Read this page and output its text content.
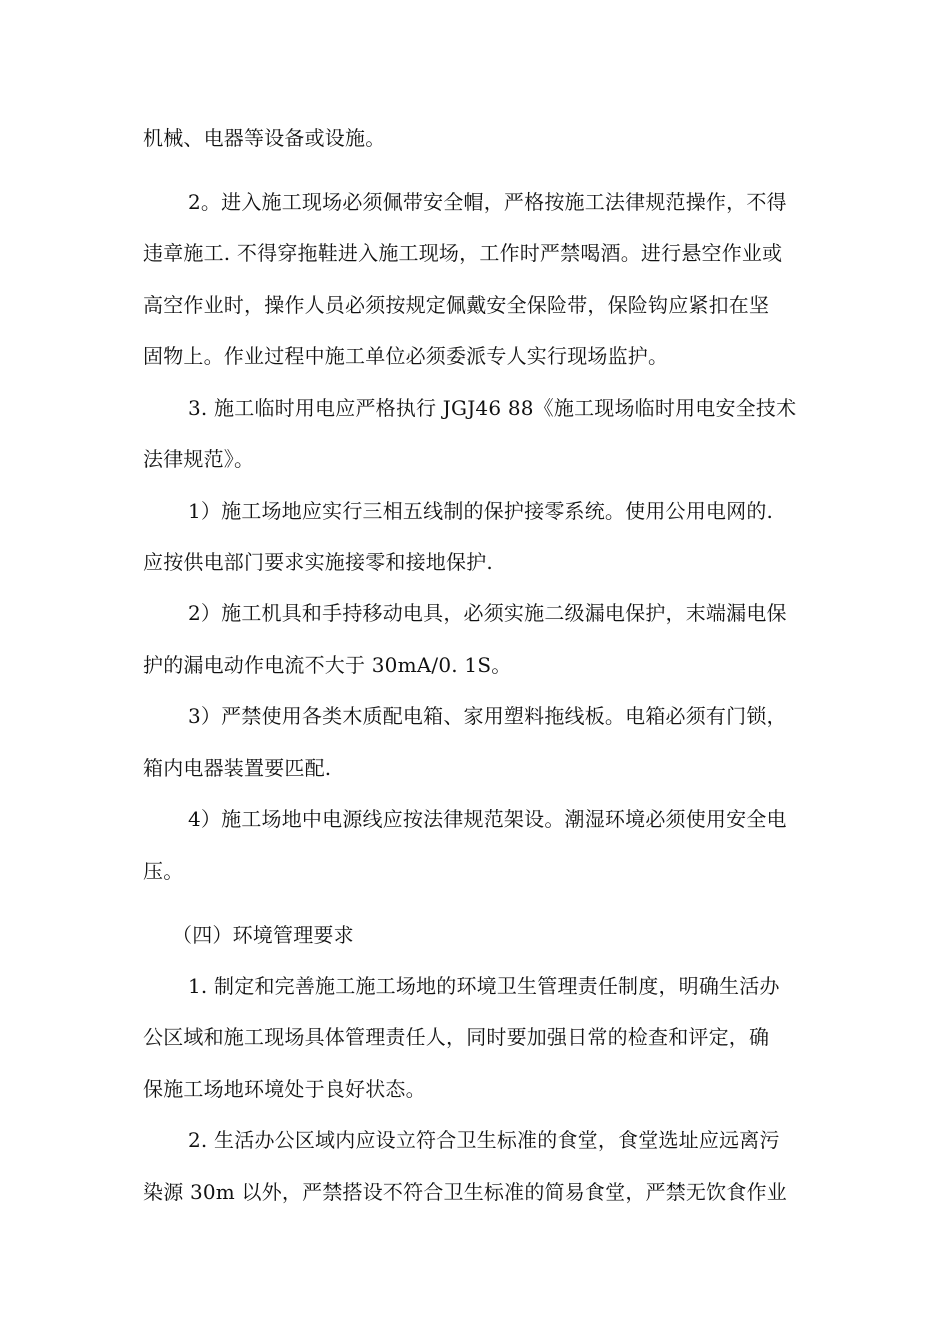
机械、电器等设备或设施。
2。进入施工现场必须佩带安全帽，严格按施工法律规范操作，不得
违章施工. 不得穿拖鞋进入施工现场，工作时严禁喝酒。进行悬空作业或
高空作业时，操作人员必须按规定佩戴安全保险带，保险钩应紧扣在坚
固物上。作业过程中施工单位必须委派专人实行现场监护。
3. 施工临时用电应严格执行 JGJ46 88《施工现场临时用电安全技术
法律规范》。
1）施工场地应实行三相五线制的保护接零系统。使用公用电网的.
应按供电部门要求实施接零和接地保护.
2）施工机具和手持移动电具，必须实施二级漏电保护，末端漏电保
护的漏电动作电流不大于 30mA/0. 1S。
3）严禁使用各类木质配电箱、家用塑料拖线板。电箱必须有门锁，
箱内电器装置要匹配.
4）施工场地中电源线应按法律规范架设。潮湿环境必须使用安全电
压。
（四）环境管理要求
1. 制定和完善施工施工场地的环境卫生管理责任制度，明确生活办
公区域和施工现场具体管理责任人，同时要加强日常的检查和评定，确
保施工场地环境处于良好状态。
2. 生活办公区域内应设立符合卫生标准的食堂，食堂选址应远离污
染源 30m 以外，严禁搭设不符合卫生标准的简易食堂，严禁无饮食作业
